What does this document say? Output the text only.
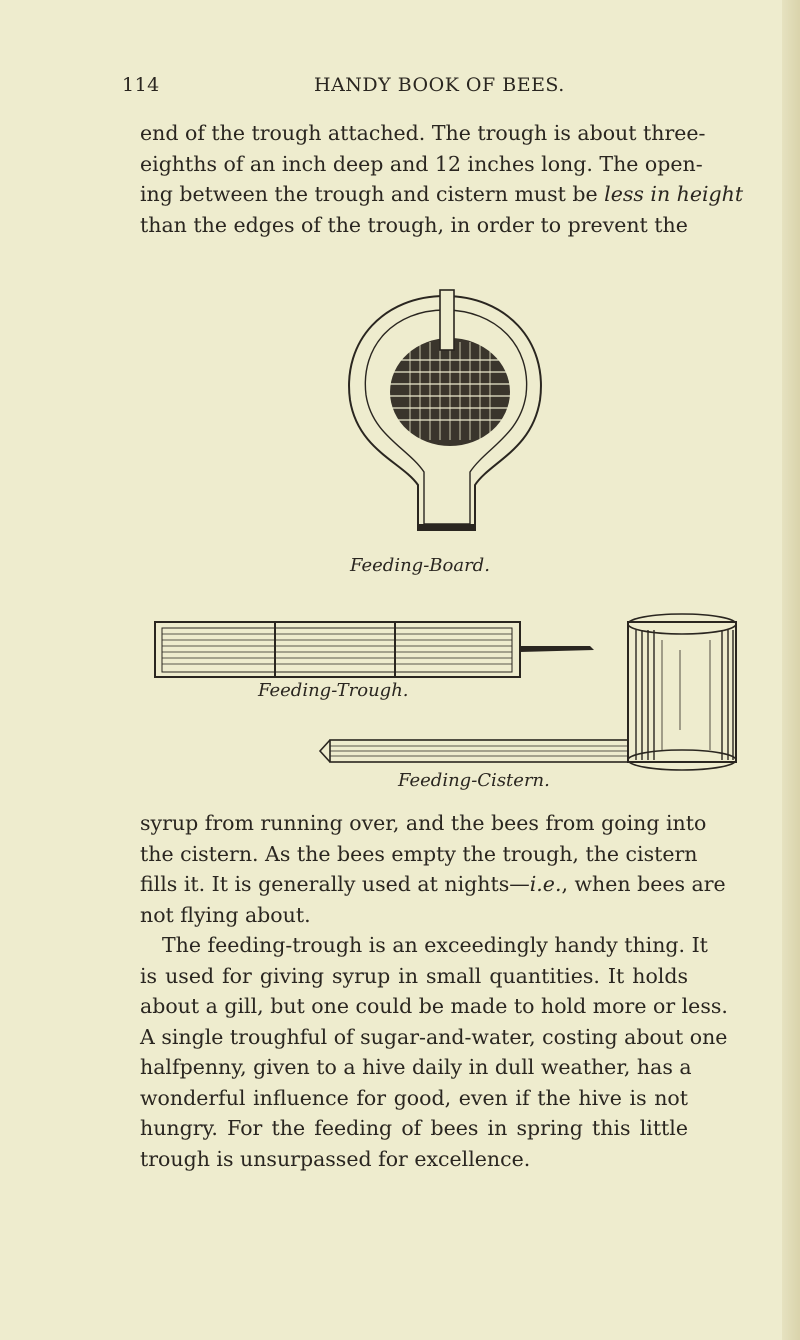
114	HANDY BOOK OF BEES.

end of the trough attached. The trough is about three-
eighths of an inch deep and 12 inches long. The open-
ing between the trough and cistern must be less in height
than the edges of the trough, in order to prevent the

Feeding-Board.
Feeding-Trough.
Feeding-Cistern.

syrup from running over, and the bees from going into
the cistern. As the bees empty the trough, the cistern
fills it. It is generally used at nights—i.e., when bees are
not flying about.

The feeding-trough is an exceedingly handy thing. It
is used for giving syrup in small quantities. It holds
about a gill, but one could be made to hold more or less.
A single troughful of sugar-and-water, costing about one
halfpenny, given to a hive daily in dull weather, has a
wonderful influence for good, even if the hive is not
hungry. For the feeding of bees in spring this little
trough is unsurpassed for excellence.
